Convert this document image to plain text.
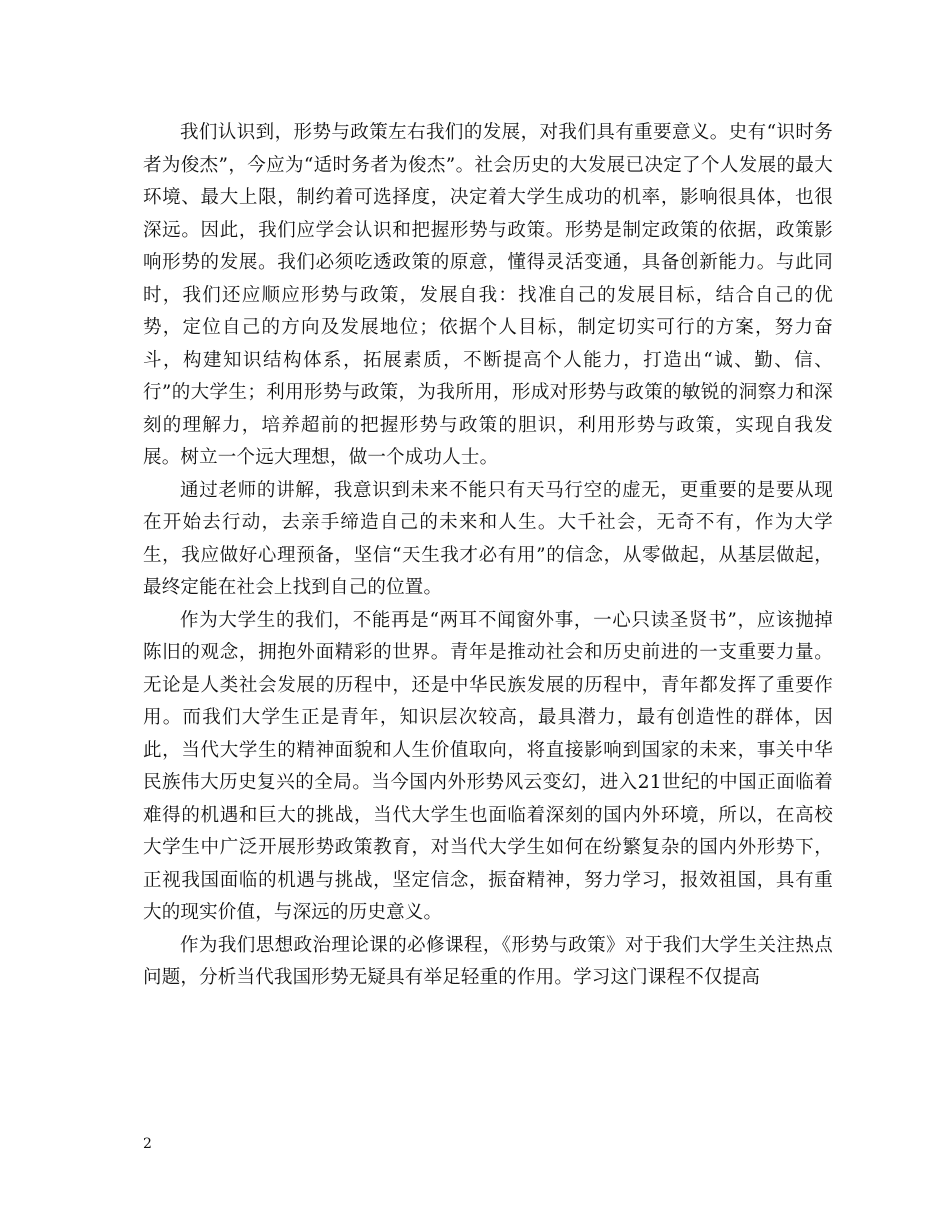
我们认识到，形势与政策左右我们的发展，对我们具有重要意义。史有“识时务者为俊杰”，今应为“适时务者为俊杰”。社会历史的大发展已决定了个人发展的最大环境、最大上限，制约着可选择度，决定着大学生成功的机率，影响很具体，也很深远。因此，我们应学会认识和把握形势与政策。形势是制定政策的依据，政策影响形势的发展。我们必须吃透政策的原意，懂得灵活变通，具备创新能力。与此同时，我们还应顺应形势与政策，发展自我：找准自己的发展目标，结合自己的优势，定位自己的方向及发展地位；依据个人目标，制定切实可行的方案，努力奋斗，构建知识结构体系，拓展素质，不断提高个人能力，打造出“诚、勤、信、行”的大学生；利用形势与政策，为我所用，形成对形势与政策的敏锐的洞察力和深刻的理解力，培养超前的把握形势与政策的胆识，利用形势与政策，实现自我发展。树立一个远大理想，做一个成功人士。

通过老师的讲解，我意识到未来不能只有天马行空的虚无，更重要的是要从现在开始去行动，去亲手缔造自己的未来和人生。大千社会，无奇不有，作为大学生，我应做好心理预备，坚信“天生我才必有用”的信念，从零做起，从基层做起，最终定能在社会上找到自己的位置。

作为大学生的我们，不能再是“两耳不闻窗外事，一心只读圣贤书”，应该抛掉陈旧的观念，拥抱外面精彩的世界。青年是推动社会和历史前进的一支重要力量。无论是人类社会发展的历程中，还是中华民族发展的历程中，青年都发挥了重要作用。而我们大学生正是青年，知识层次较高，最具潜力，最有创造性的群体，因此，当代大学生的精神面貌和人生价值取向，将直接影响到国家的未来，事关中华民族伟大历史复兴的全局。当今国内外形势风云变幻，进入21世纪的中国正面临着难得的机遇和巨大的挑战，当代大学生也面临着深刻的国内外环境，所以，在高校大学生中广泛开展形势政策教育，对当代大学生如何在纷繁复杂的国内外形势下，正视我国面临的机遇与挑战，坚定信念，振奋精神，努力学习，报效祖国，具有重大的现实价值，与深远的历史意义。

作为我们思想政治理论课的必修课程，《形势与政策》对于我们大学生关注热点问题，分析当代我国形势无疑具有举足轻重的作用。学习这门课程不仅提高

2
